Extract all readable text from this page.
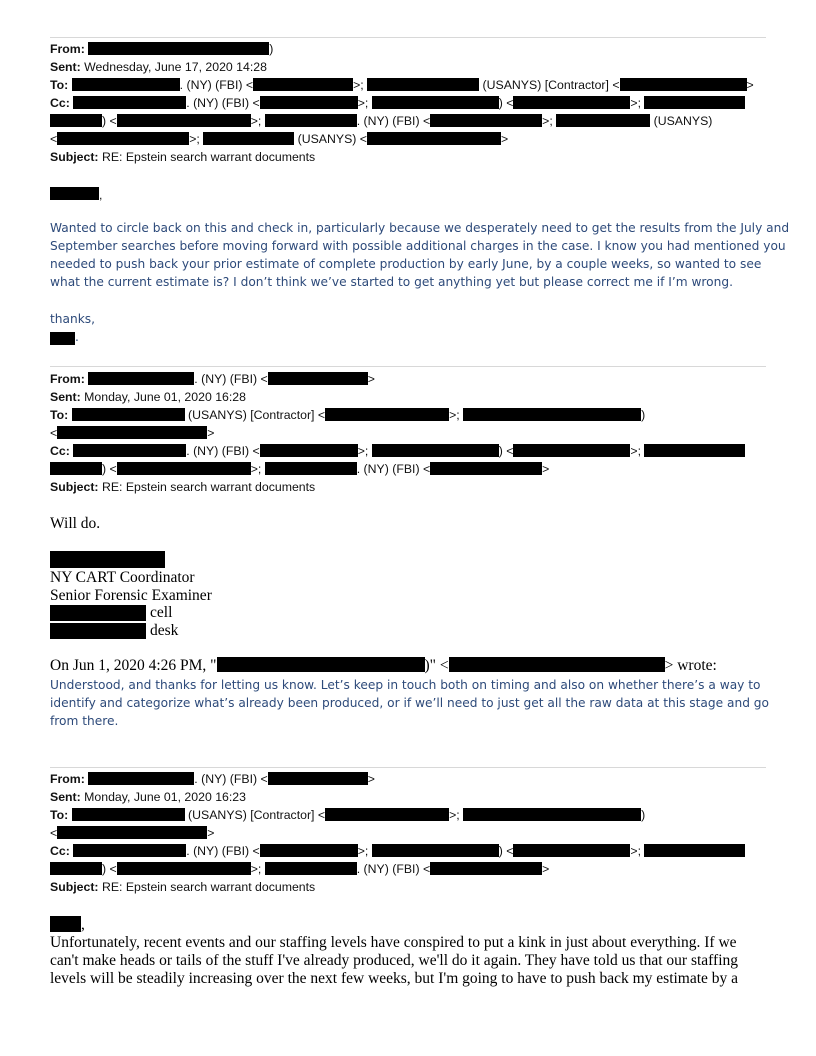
From:	)
Sent: Wednesday, June 17, 2020 14:28
To:	. (NY) (FBI) <	>;	(USANYS) [Contractor] <	>
Cc:	. (NY) (FBI) <	>;	) <	>;
) <	>;	. (NY) (FBI) <	>;	(USANYS)
<	>;	(USANYS) <	>
Subject: RE: Epstein search warrant documents
,
Wanted to circle back on this and check in, particularly because we desperately need to get the results from the July and
September searches before moving forward with possible additional charges in the case. I know you had mentioned you
needed to push back your prior estimate of complete production by early June, by a couple weeks, so wanted to see
what the current estimate is? I don’t think we’ve started to get anything yet but please correct me if I’m wrong.
thanks,
.
From:	. (NY) (FBI) <	>
Sent: Monday, June 01, 2020 16:28
To:	(USANYS) [Contractor] <	>;	)
<	>
Cc:	. (NY) (FBI) <	>;	) <	>;
) <	>;	. (NY) (FBI) <	>
Subject: RE: Epstein search warrant documents
Will do.
NY CART Coordinator
Senior Forensic Examiner
cell
desk
On Jun 1, 2020 4:26 PM, "	)" <	> wrote:
Understood, and thanks for letting us know. Let’s keep in touch both on timing and also on whether there’s a way to
identify and categorize what’s already been produced, or if we’ll need to just get all the raw data at this stage and go
from there.
From:	. (NY) (FBI) <	>
Sent: Monday, June 01, 2020 16:23
To:	(USANYS) [Contractor] <	>;	)
<	>
Cc:	. (NY) (FBI) <	>;	) <	>;
) <	>;	. (NY) (FBI) <	>
Subject: RE: Epstein search warrant documents
,
Unfortunately, recent events and our staffing levels have conspired to put a kink in just about everything. If we
can't make heads or tails of the stuff I've already produced, we'll do it again. They have told us that our staffing
levels will be steadily increasing over the next few weeks, but I'm going to have to push back my estimate by a
